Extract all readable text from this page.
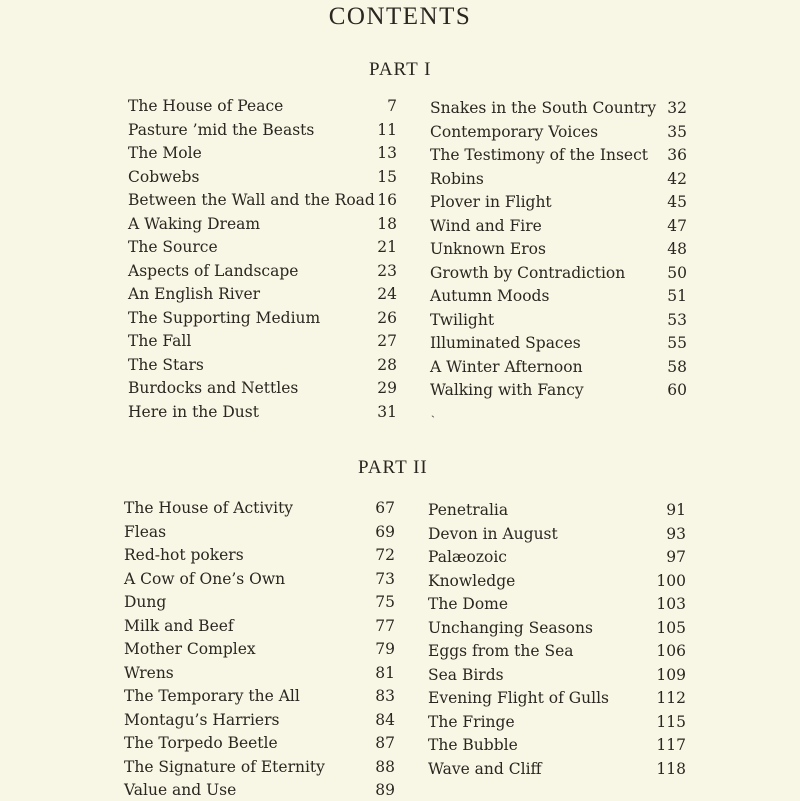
CONTENTS
PART I
The House of Peace	7
Pasture ’mid the Beasts	11
The Mole	13
Cobwebs	15
Between the Wall and the Road 16
A Waking Dream	18
The Source	21
Aspects of Landscape	23
An English River	24
The Supporting Medium	26
The Fall	27
The Stars	28
Burdocks and Nettles	29
Here in the Dust	31
Snakes in the South Country 32
Contemporary Voices	35
The Testimony of the Insect 36
Robins	42
Plover in Flight	45
Wind and Fire	47
Unknown Eros	48
Growth by Contradiction	50
Autumn Moods	51
Twilight	53
Illuminated Spaces	55
A Winter Afternoon	58
Walking with Fancy	60
ˏ
PART II
The House of Activity	67
Fleas	69
Red-hot pokers	72
A Cow of One’s Own	73
Dung	75
Milk and Beef	77
Mother Complex	79
Wrens	81
The Temporary the All	83
Montagu’s Harriers	84
The Torpedo Beetle	87
The Signature of Eternity	88
Value and Use	89
Penetralia	91
Devon in August	93
Palæozoic	97
Knowledge	100
The Dome	103
Unchanging Seasons	105
Eggs from the Sea	106
Sea Birds	109
Evening Flight of Gulls	112
The Fringe	115
The Bubble	117
Wave and Cliff	118
